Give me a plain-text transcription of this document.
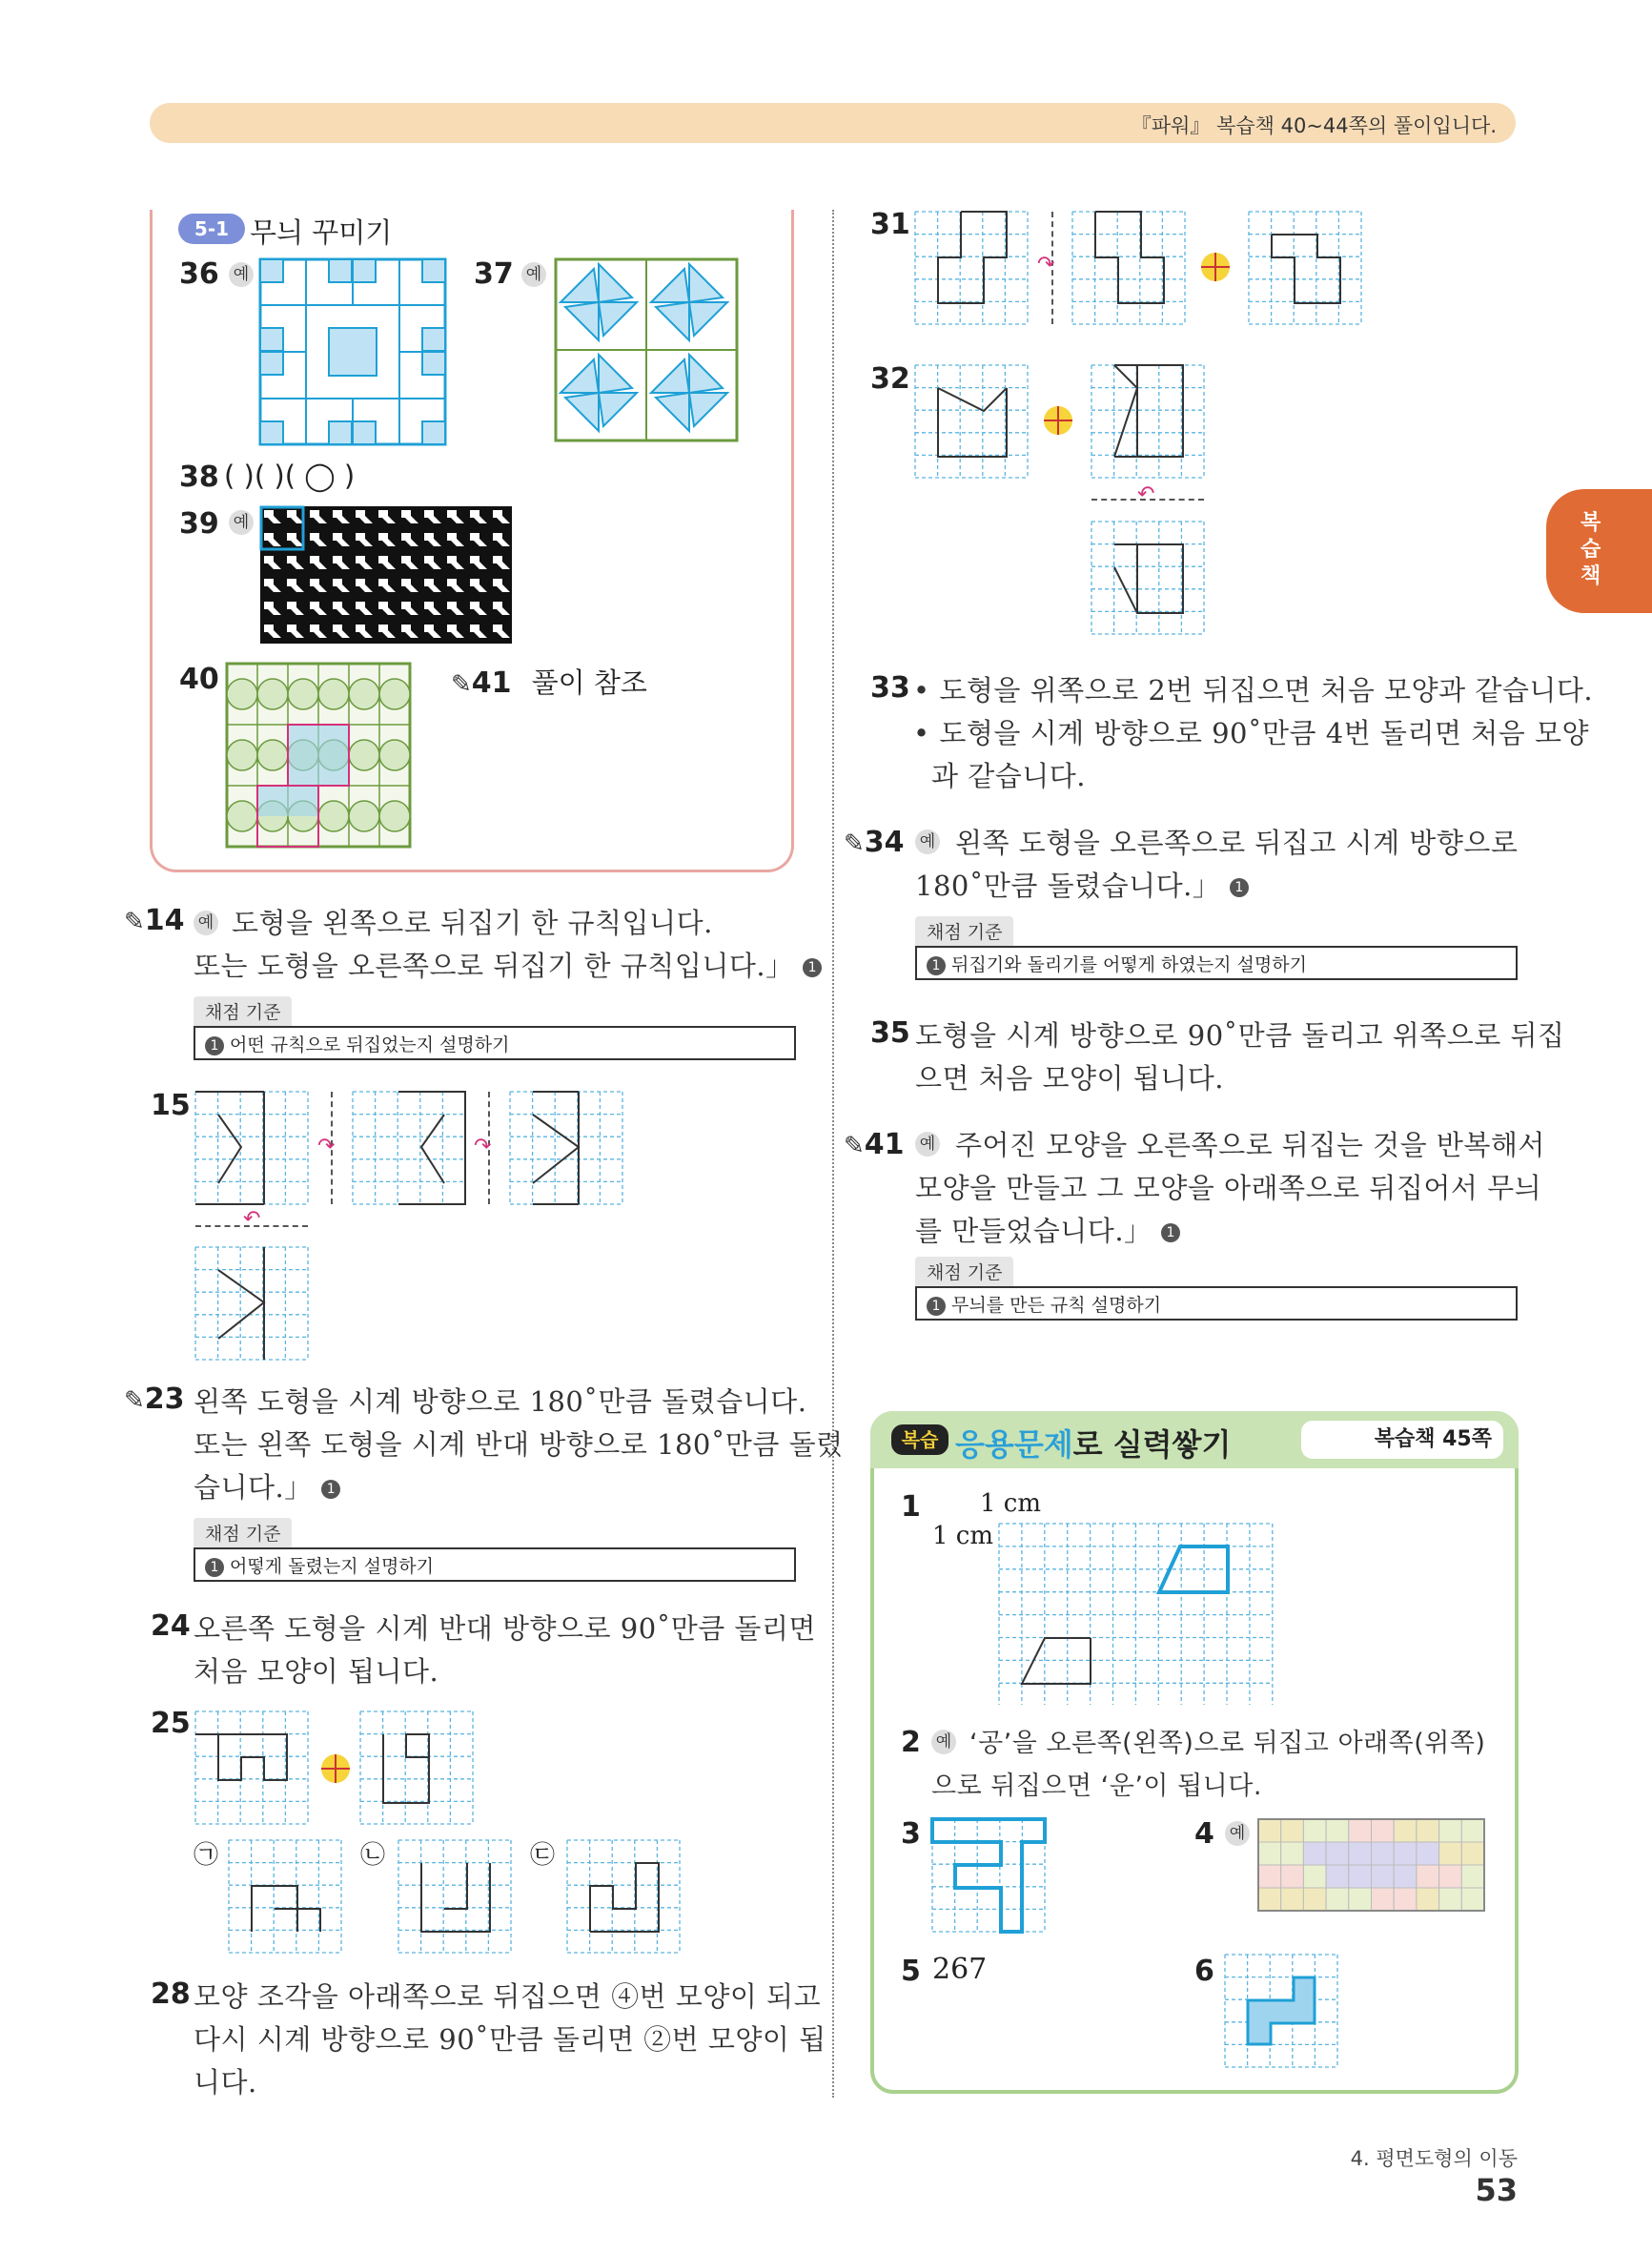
『파워』 복습책 40~44쪽의 풀이입니다.
복습책
5-1 무늬 꾸미기
36 예	37 예
38 ( )( )( ◯ )
39 예
40	✎41 풀이 참조
✎14 예 도형을 왼쪽으로 뒤집기 한 규칙입니다.
또는 도형을 오른쪽으로 뒤집기 한 규칙입니다.」 1
채점 기준
1 어떤 규칙으로 뒤집었는지 설명하기
15
↷	↷
↶
✎23 왼쪽 도형을 시계 방향으로 180˚만큼 돌렸습니다.
또는 왼쪽 도형을 시계 반대 방향으로 180˚만큼 돌렸
습니다.」 1
채점 기준
1 어떻게 돌렸는지 설명하기
24 오른쪽 도형을 시계 반대 방향으로 90˚만큼 돌리면
처음 모양이 됩니다.
25
㉠	㉡	㉢
28 모양 조각을 아래쪽으로 뒤집으면 ④번 모양이 되고
다시 시계 방향으로 90˚만큼 돌리면 ②번 모양이 됩
니다.
31
↷
32
↶
33 • 도형을 위쪽으로 2번 뒤집으면 처음 모양과 같습니다.
• 도형을 시계 방향으로 90˚만큼 4번 돌리면 처음 모양
과 같습니다.
✎34 예 왼쪽 도형을 오른쪽으로 뒤집고 시계 방향으로
180˚만큼 돌렸습니다.」 1
채점 기준
1 뒤집기와 돌리기를 어떻게 하였는지 설명하기
35 도형을 시계 방향으로 90˚만큼 돌리고 위쪽으로 뒤집
으면 처음 모양이 됩니다.
✎41 예 주어진 모양을 오른쪽으로 뒤집는 것을 반복해서
모양을 만들고 그 모양을 아래쪽으로 뒤집어서 무늬
를 만들었습니다.」 1
채점 기준
1 무늬를 만든 규칙 설명하기
복습 응용문제로 실력쌓기	복습책 45쪽
1 1 cm
1 cm
2 예 ‘공’을 오른쪽(왼쪽)으로 뒤집고 아래쪽(위쪽)
으로 뒤집으면 ‘운’이 됩니다.
3	4 예
5 267	6
4. 평면도형의 이동 53
